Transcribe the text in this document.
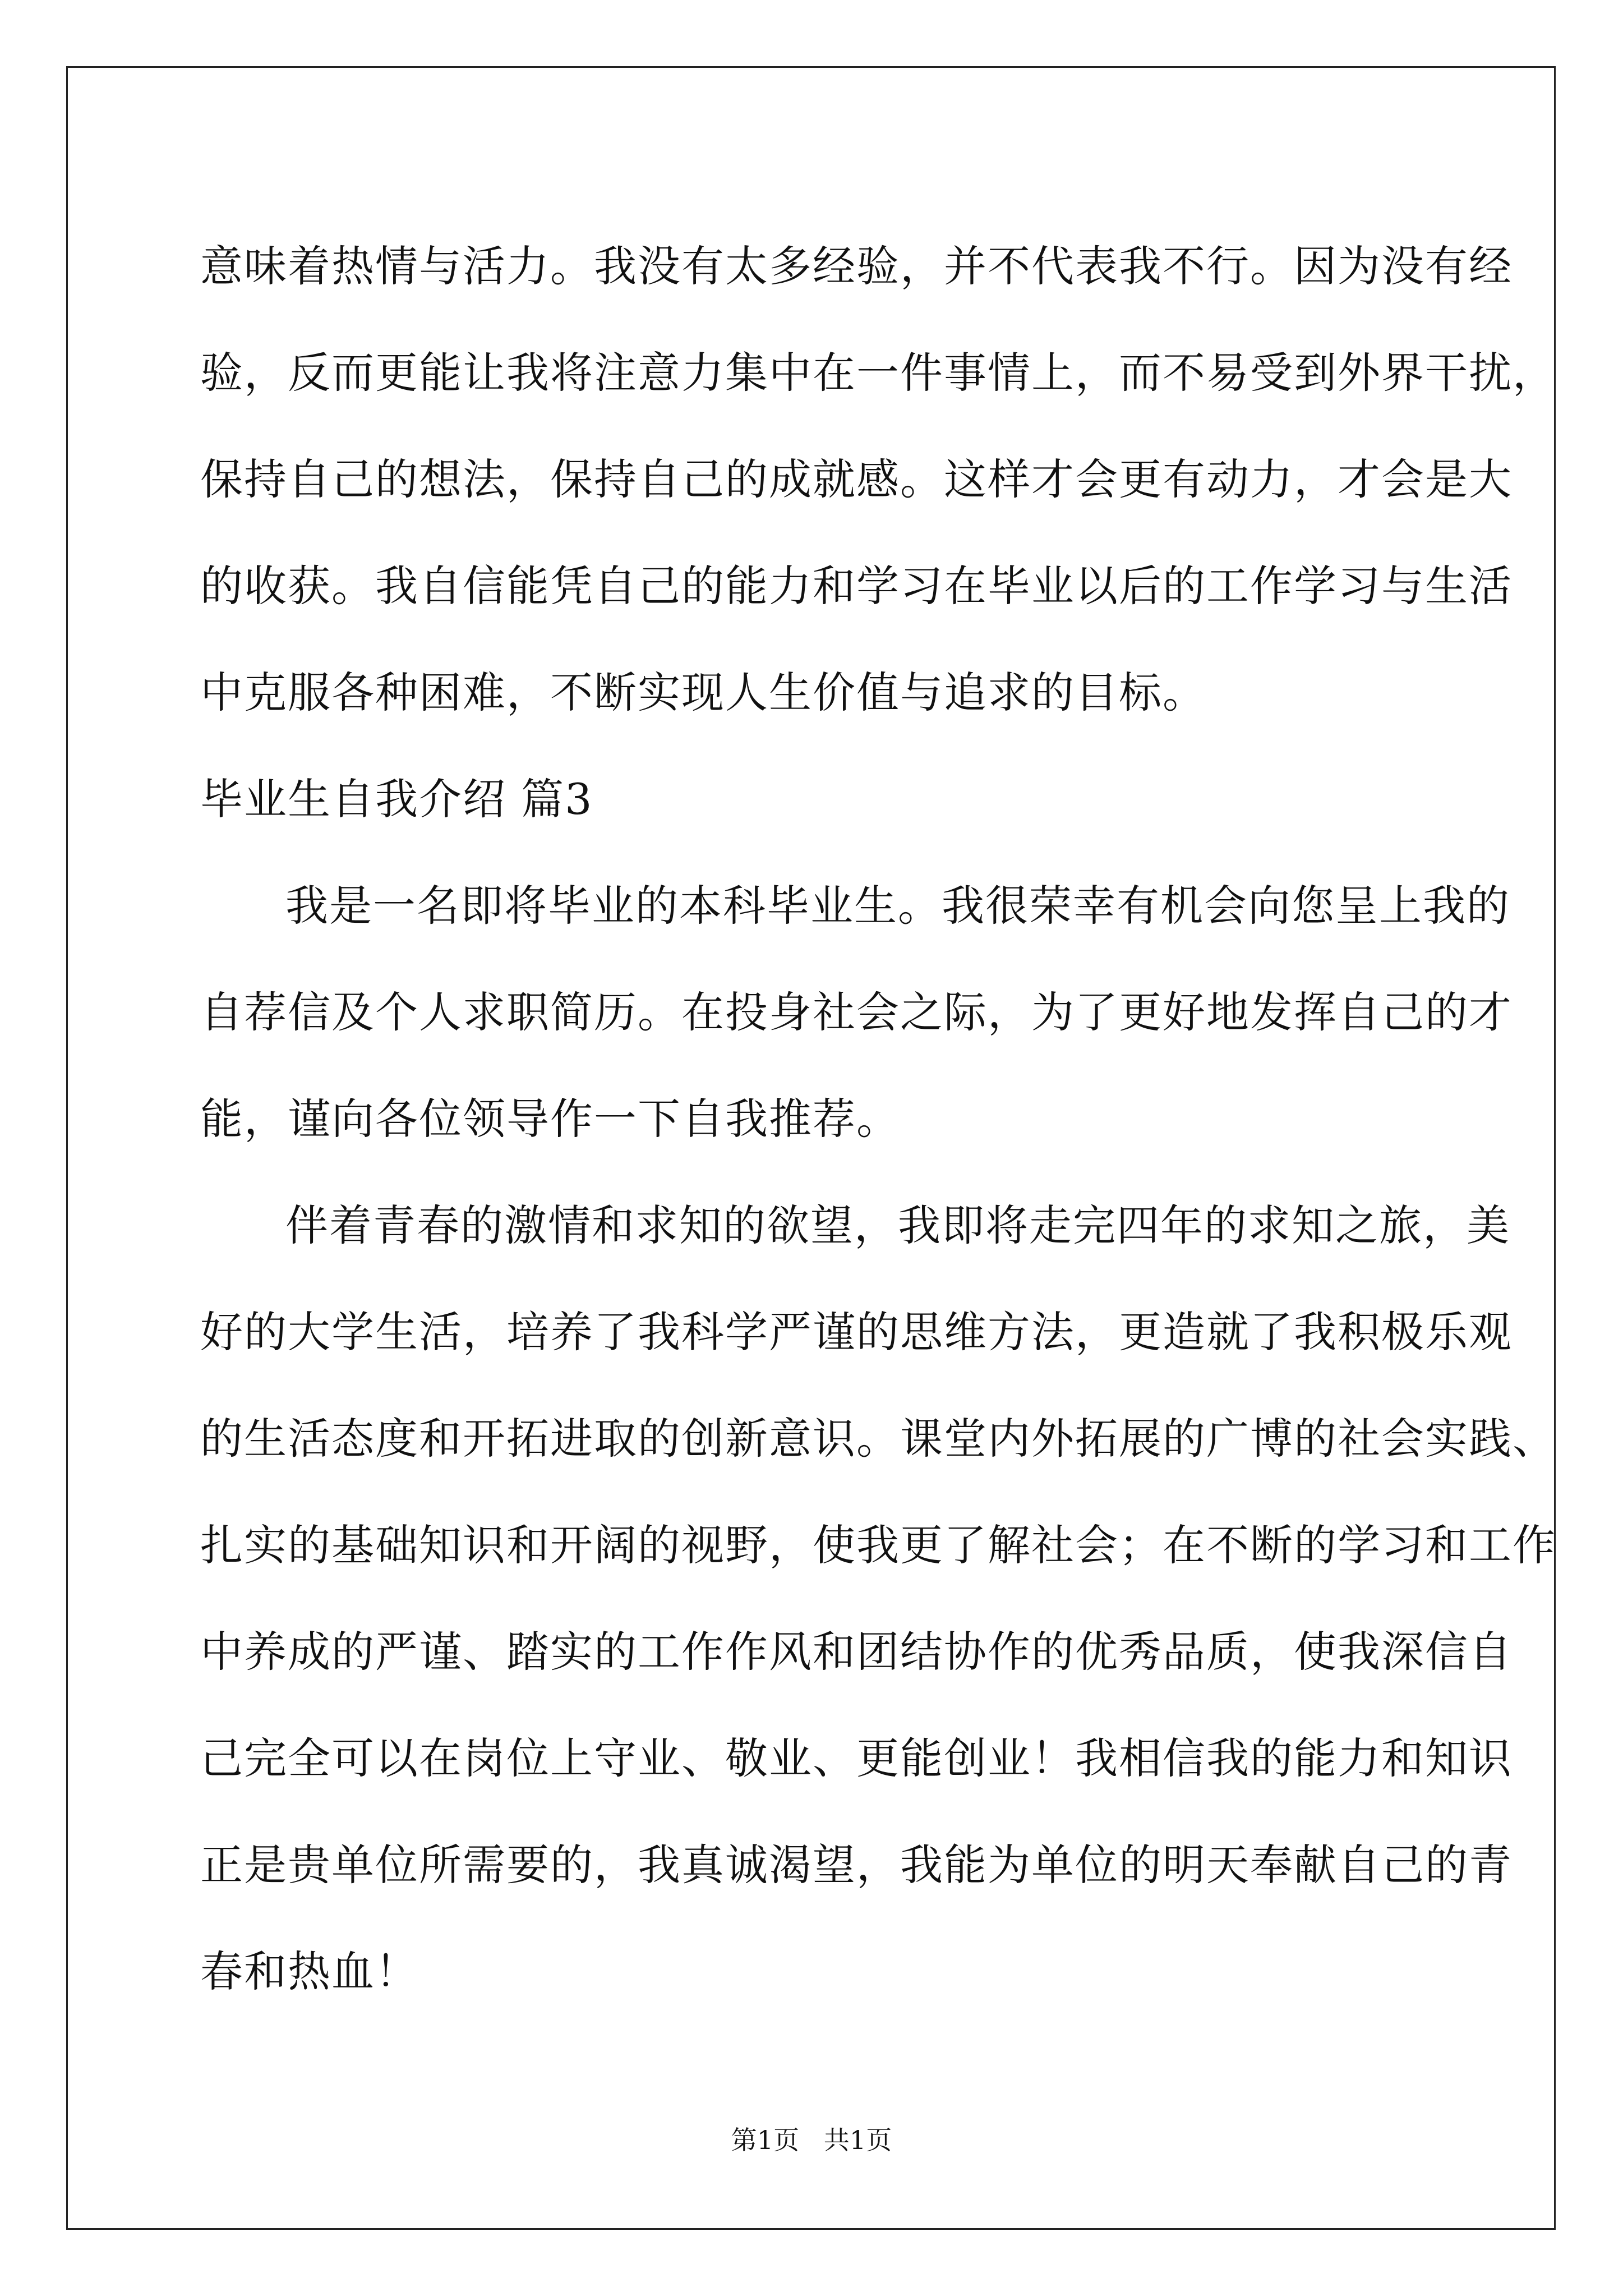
意味着热情与活力。我没有太多经验，并不代表我不行。因为没有经
验，反而更能让我将注意力集中在一件事情上，而不易受到外界干扰，
保持自己的想法，保持自己的成就感。这样才会更有动力，才会是大
的收获。我自信能凭自己的能力和学习在毕业以后的工作学习与生活
中克服各种困难，不断实现人生价值与追求的目标。
毕业生自我介绍 篇3
我是一名即将毕业的本科毕业生。我很荣幸有机会向您呈上我的
自荐信及个人求职简历。在投身社会之际，为了更好地发挥自己的才
能，谨向各位领导作一下自我推荐。
伴着青春的激情和求知的欲望，我即将走完四年的求知之旅，美
好的大学生活，培养了我科学严谨的思维方法，更造就了我积极乐观
的生活态度和开拓进取的创新意识。课堂内外拓展的广博的社会实践、
扎实的基础知识和开阔的视野，使我更了解社会；在不断的学习和工作
中养成的严谨、踏实的工作作风和团结协作的优秀品质，使我深信自
己完全可以在岗位上守业、敬业、更能创业！我相信我的能力和知识
正是贵单位所需要的，我真诚渴望，我能为单位的明天奉献自己的青
春和热血！
第1页   共1页
